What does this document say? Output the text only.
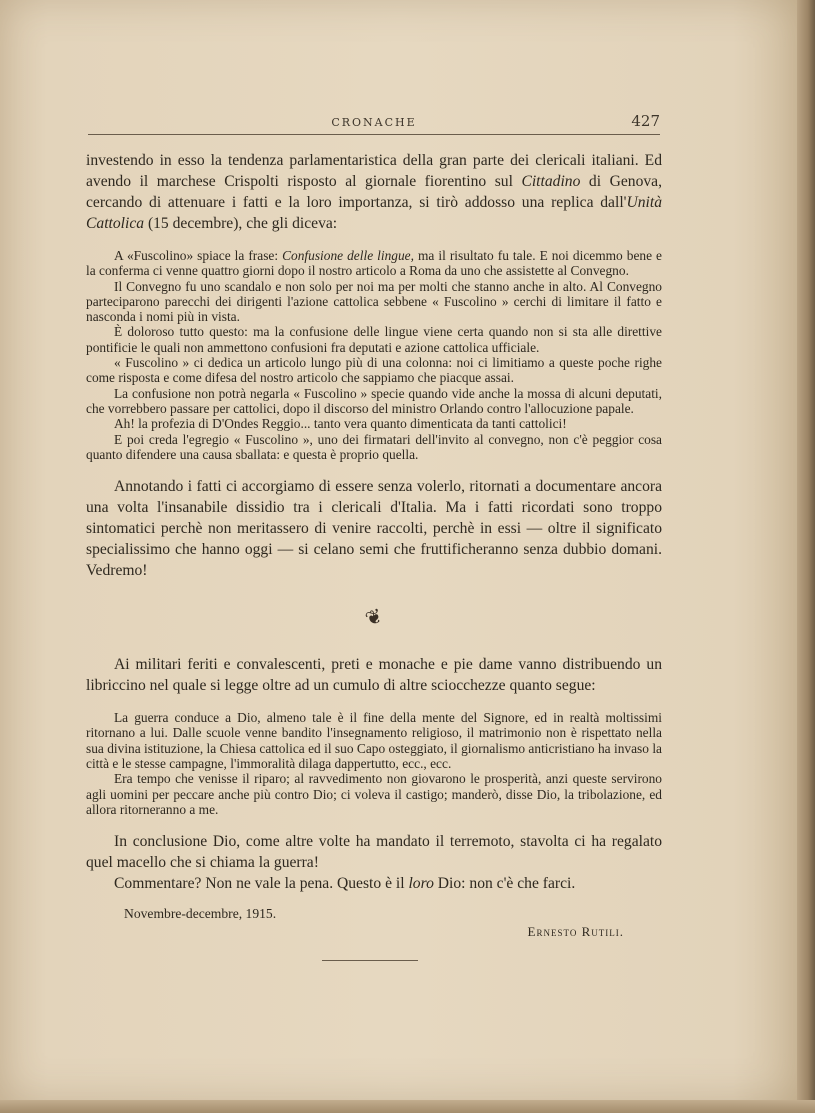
CRONACHE	427

investendo in esso la tendenza parlamentaristica della gran parte dei clericali italiani. Ed avendo il marchese Crispolti risposto al giornale fiorentino sul Cittadino di Genova, cercando di attenuare i fatti e la loro importanza, si tirò addosso una replica dall'Unità Cattolica (15 decembre), che gli diceva:

A «Fuscolino» spiace la frase: Confusione delle lingue, ma il risultato fu tale. E noi dicemmo bene e la conferma ci venne quattro giorni dopo il nostro articolo a Roma da uno che assistette al Convegno.

Il Convegno fu uno scandalo e non solo per noi ma per molti che stanno anche in alto. Al Convegno parteciparono parecchi dei dirigenti l'azione cattolica sebbene « Fuscolino » cerchi di limitare il fatto e nasconda i nomi più in vista.

È doloroso tutto questo: ma la confusione delle lingue viene certa quando non si sta alle direttive pontificie le quali non ammettono confusioni fra deputati e azione cattolica ufficiale.

« Fuscolino » ci dedica un articolo lungo più di una colonna: noi ci limitiamo a queste poche righe come risposta e come difesa del nostro articolo che sappiamo che piacque assai.

La confusione non potrà negarla « Fuscolino » specie quando vide anche la mossa di alcuni deputati, che vorrebbero passare per cattolici, dopo il discorso del ministro Orlando contro l'allocuzione papale.

Ah! la profezia di D'Ondes Reggio... tanto vera quanto dimenticata da tanti cattolici!

E poi creda l'egregio « Fuscolino », uno dei firmatari dell'invito al convegno, non c'è peggior cosa quanto difendere una causa sballata: e questa è proprio quella.

Annotando i fatti ci accorgiamo di essere senza volerlo, ritornati a documentare ancora una volta l'insanabile dissidio tra i clericali d'Italia. Ma i fatti ricordati sono troppo sintomatici perchè non meritassero di venire raccolti, perchè in essi — oltre il significato specialissimo che hanno oggi — si celano semi che fruttificheranno senza dubbio domani. Vedremo!

❦

Ai militari feriti e convalescenti, preti e monache e pie dame vanno distribuendo un libriccino nel quale si legge oltre ad un cumulo di altre sciocchezze quanto segue:

La guerra conduce a Dio, almeno tale è il fine della mente del Signore, ed in realtà moltissimi ritornano a lui. Dalle scuole venne bandito l'insegnamento religioso, il matrimonio non è rispettato nella sua divina istituzione, la Chiesa cattolica ed il suo Capo osteggiato, il giornalismo anticristiano ha invaso la città e le stesse campagne, l'immoralità dilaga dappertutto, ecc., ecc.

Era tempo che venisse il riparo; al ravvedimento non giovarono le prosperità, anzi queste servirono agli uomini per peccare anche più contro Dio; ci voleva il castigo; manderò, disse Dio, la tribolazione, ed allora ritorneranno a me.

In conclusione Dio, come altre volte ha mandato il terremoto, stavolta ci ha regalato quel macello che si chiama la guerra!

Commentare? Non ne vale la pena. Questo è il loro Dio: non c'è che farci.

Novembre-decembre, 1915.
Ernesto Rutili.
